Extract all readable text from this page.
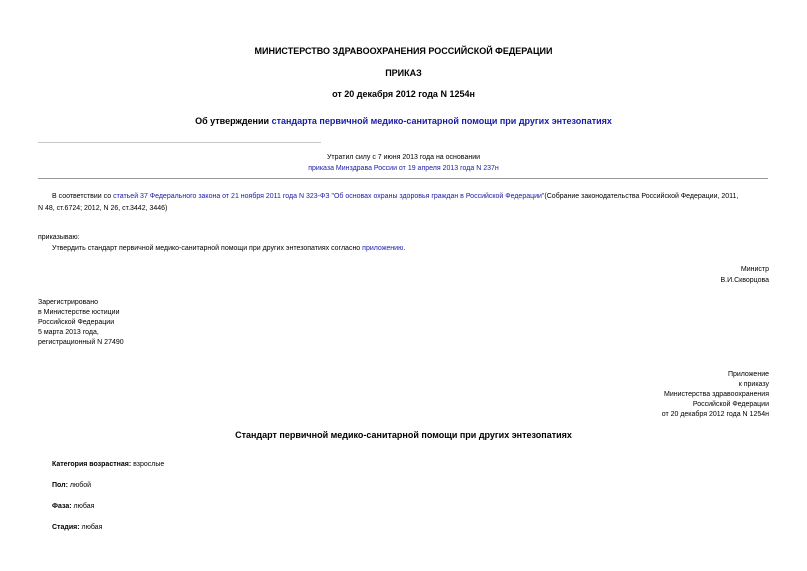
МИНИСТЕРСТВО ЗДРАВООХРАНЕНИЯ РОССИЙСКОЙ ФЕДЕРАЦИИ
ПРИКАЗ
от 20 декабря 2012 года N 1254н
Об утверждении стандарта первичной медико-санитарной помощи при других энтезопатиях
Утратил силу с 7 июня 2013 года на основании
приказа Минздрава России от 19 апреля 2013 года N 237н
В соответствии со статьей 37 Федерального закона от 21 ноября 2011 года N 323-ФЗ "Об основах охраны здоровья граждан в Российской Федерации"(Собрание законодательства Российской Федерации, 2011,
N 48, ст.6724; 2012, N 26, ст.3442, 3446)
приказываю:
Утвердить стандарт первичной медико-санитарной помощи при других энтезопатиях согласно приложению.
Министр
В.И.Скворцова
Зарегистрировано
в Министерстве юстиции
Российской Федерации
5 марта 2013 года,
регистрационный N 27490
Приложение
к приказу
Министерства здравоохранения
Российской Федерации
от 20 декабря 2012 года N 1254н
Стандарт первичной медико-санитарной помощи при других энтезопатиях
Категория возрастная: взрослые
Пол: любой
Фаза: любая
Стадия: любая
